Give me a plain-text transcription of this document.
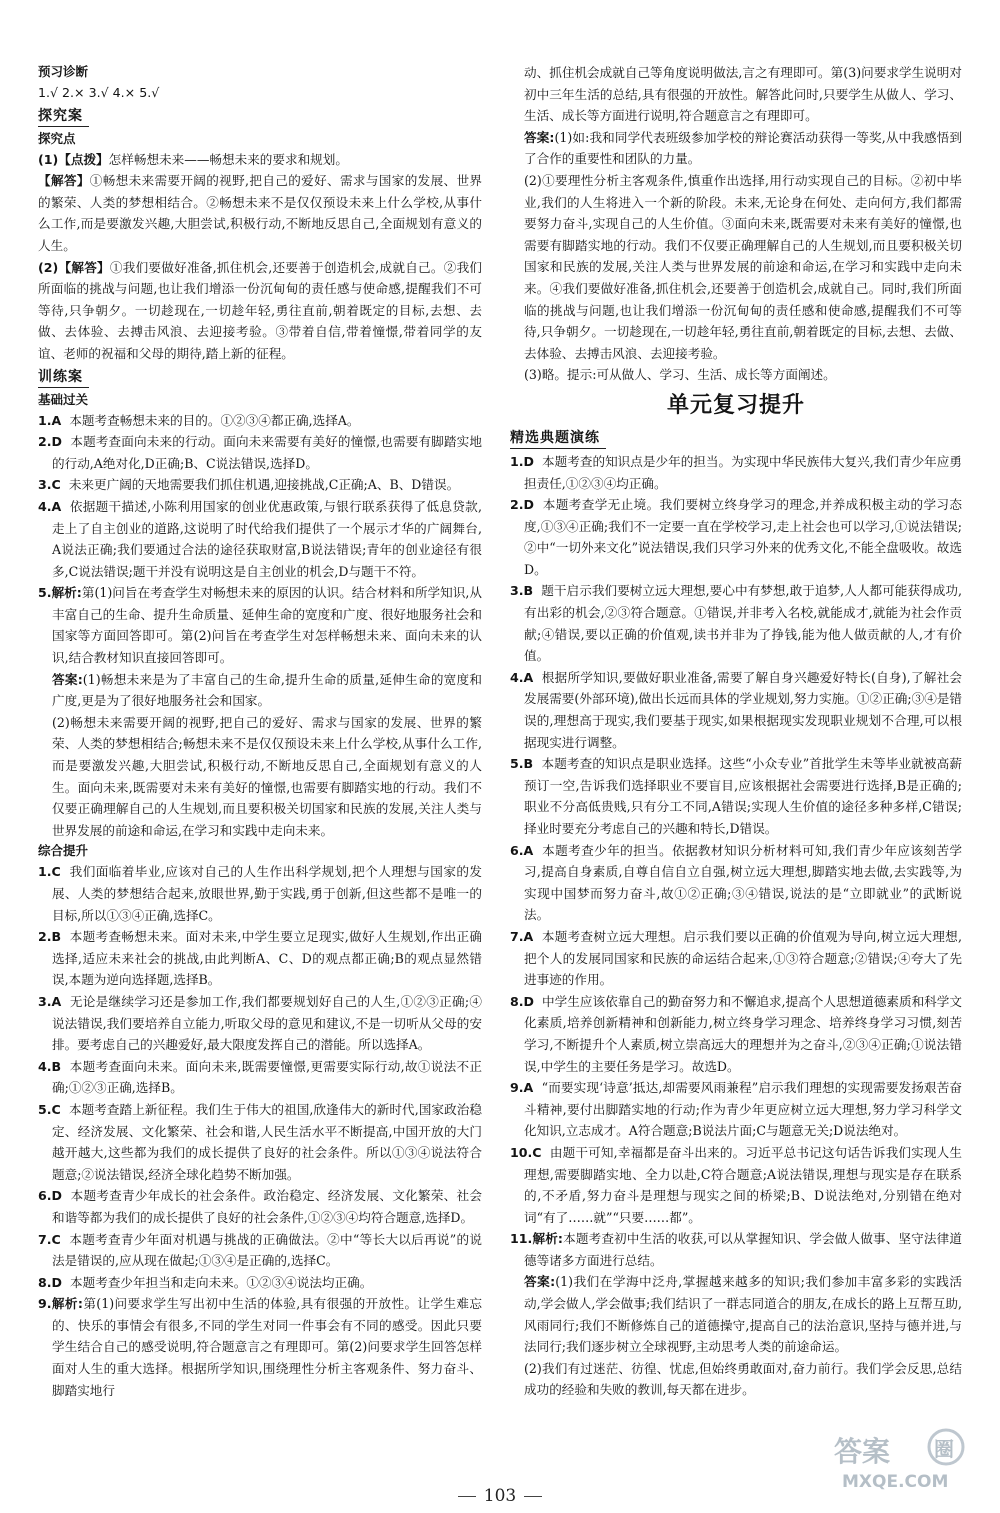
预习诊断
1.√ 2.× 3.√ 4.× 5.√
探究案
探究点

(1)【点拨】怎样畅想未来——畅想未来的要求和规划。

【解答】①畅想未来需要开阔的视野,把自己的爱好、需求与国家的发展、世界的繁荣、人类的梦想相结合。②畅想未来不是仅仅预设未来上什么学校,从事什么工作,而是要激发兴趣,大胆尝试,积极行动,不断地反思自己,全面规划有意义的人生。

(2)【解答】①我们要做好准备,抓住机会,还要善于创造机会,成就自己。②我们所面临的挑战与问题,也让我们增添一份沉甸甸的责任感与使命感,提醒我们不可等待,只争朝夕。一切趁现在,一切趁年轻,勇往直前,朝着既定的目标,去想、去做、去体验、去搏击风浪、去迎接考验。③带着自信,带着憧憬,带着同学的友谊、老师的祝福和父母的期待,踏上新的征程。

训练案
基础过关

1.A 本题考查畅想未来的目的。①②③④都正确,选择A。

2.D 本题考查面向未来的行动。面向未来需要有美好的憧憬,也需要有脚踏实地的行动,A绝对化,D正确;B、C说法错误,选择D。

3.C 未来更广阔的天地需要我们抓住机遇,迎接挑战,C正确;A、B、D错误。

4.A 依据题干描述,小陈利用国家的创业优惠政策,与银行联系获得了低息贷款,走上了自主创业的道路,这说明了时代给我们提供了一个展示才华的广阔舞台,A说法正确;我们要通过合法的途径获取财富,B说法错误;青年的创业途径有很多,C说法错误;题干并没有说明这是自主创业的机会,D与题干不符。

5.解析:第(1)问旨在考查学生对畅想未来的原因的认识。结合材料和所学知识,从丰富自己的生命、提升生命质量、延伸生命的宽度和广度、很好地服务社会和国家等方面回答即可。第(2)问旨在考查学生对怎样畅想未来、面向未来的认识,结合教材知识直接回答即可。

答案:(1)畅想未来是为了丰富自己的生命,提升生命的质量,延伸生命的宽度和广度,更是为了很好地服务社会和国家。

(2)畅想未来需要开阔的视野,把自己的爱好、需求与国家的发展、世界的繁荣、人类的梦想相结合;畅想未来不是仅仅预设未来上什么学校,从事什么工作,而是要激发兴趣,大胆尝试,积极行动,不断地反思自己,全面规划有意义的人生。面向未来,既需要对未来有美好的憧憬,也需要有脚踏实地的行动。我们不仅要正确理解自己的人生规划,而且要积极关切国家和民族的发展,关注人类与世界发展的前途和命运,在学习和实践中走向未来。

综合提升

1.C 我们面临着毕业,应该对自己的人生作出科学规划,把个人理想与国家的发展、人类的梦想结合起来,放眼世界,勤于实践,勇于创新,但这些都不是唯一的目标,所以①③④正确,选择C。

2.B 本题考查畅想未来。面对未来,中学生要立足现实,做好人生规划,作出正确选择,适应未来社会的挑战,由此判断A、C、D的观点都正确;B的观点显然错误,本题为逆向选择题,选择B。

3.A 无论是继续学习还是参加工作,我们都要规划好自己的人生,①②③正确;④说法错误,我们要培养自立能力,听取父母的意见和建议,不是一切听从父母的安排。要考虑自己的兴趣爱好,最大限度发挥自己的潜能。所以选择A。

4.B 本题考查面向未来。面向未来,既需要憧憬,更需要实际行动,故①说法不正确;①②③正确,选择B。

5.C 本题考查踏上新征程。我们生于伟大的祖国,欣逢伟大的新时代,国家政治稳定、经济发展、文化繁荣、社会和谐,人民生活水平不断提高,中国开放的大门越开越大,这些都为我们的成长提供了良好的社会条件。所以①③④说法符合题意;②说法错误,经济全球化趋势不断加强。

6.D 本题考查青少年成长的社会条件。政治稳定、经济发展、文化繁荣、社会和谐等都为我们的成长提供了良好的社会条件,①②③④均符合题意,选择D。

7.C 本题考查青少年面对机遇与挑战的正确做法。②中“等长大以后再说”的说法是错误的,应从现在做起;①③④是正确的,选择C。

8.D 本题考查少年担当和走向未来。①②③④说法均正确。

9.解析:第(1)问要求学生写出初中生活的体验,具有很强的开放性。让学生难忘的、快乐的事情会有很多,不同的学生对同一件事会有不同的感受。因此只要学生结合自己的感受说明,符合题意言之有理即可。第(2)问要求学生回答怎样面对人生的重大选择。根据所学知识,围绕理性分析主客观条件、努力奋斗、脚踏实地行

动、抓住机会成就自己等角度说明做法,言之有理即可。第(3)问要求学生说明对初中三年生活的总结,具有很强的开放性。解答此问时,只要学生从做人、学习、生活、成长等方面进行说明,符合题意言之有理即可。

答案:(1)如:我和同学代表班级参加学校的辩论赛活动获得一等奖,从中我感悟到了合作的重要性和团队的力量。

(2)①要理性分析主客观条件,慎重作出选择,用行动实现自己的目标。②初中毕业,我们的人生将进入一个新的阶段。未来,无论身在何处、走向何方,我们都需要努力奋斗,实现自己的人生价值。③面向未来,既需要对未来有美好的憧憬,也需要有脚踏实地的行动。我们不仅要正确理解自己的人生规划,而且要积极关切国家和民族的发展,关注人类与世界发展的前途和命运,在学习和实践中走向未来。④我们要做好准备,抓住机会,还要善于创造机会,成就自己。同时,我们所面临的挑战与问题,也让我们增添一份沉甸甸的责任感和使命感,提醒我们不可等待,只争朝夕。一切趁现在,一切趁年轻,勇往直前,朝着既定的目标,去想、去做、去体验、去搏击风浪、去迎接考验。

(3)略。提示:可从做人、学习、生活、成长等方面阐述。

单元复习提升
精选典题演练

1.D 本题考查的知识点是少年的担当。为实现中华民族伟大复兴,我们青少年应勇担责任,①②③④均正确。

2.D 本题考查学无止境。我们要树立终身学习的理念,并养成积极主动的学习态度,①③④正确;我们不一定要一直在学校学习,走上社会也可以学习,①说法错误;②中“一切外来文化”说法错误,我们只学习外来的优秀文化,不能全盘吸收。故选D。

3.B 题干启示我们要树立远大理想,要心中有梦想,敢于追梦,人人都可能获得成功,有出彩的机会,②③符合题意。①错误,并非考入名校,就能成才,就能为社会作贡献;④错误,要以正确的价值观,读书并非为了挣钱,能为他人做贡献的人,才有价值。

4.A 根据所学知识,要做好职业准备,需要了解自身兴趣爱好特长(自身),了解社会发展需要(外部环境),做出长远而具体的学业规划,努力实施。①②正确;③④是错误的,理想高于现实,我们要基于现实,如果根据现实发现职业规划不合理,可以根据现实进行调整。

5.B 本题考查的知识点是职业选择。这些“小众专业”首批学生未等毕业就被高薪预订一空,告诉我们选择职业不要盲目,应该根据社会需要进行选择,B是正确的;职业不分高低贵贱,只有分工不同,A错误;实现人生价值的途径多种多样,C错误;择业时要充分考虑自己的兴趣和特长,D错误。

6.A 本题考查少年的担当。依据教材知识分析材料可知,我们青少年应该刻苦学习,提高自身素质,自尊自信自立自强,树立远大理想,脚踏实地去做,去实践等,为实现中国梦而努力奋斗,故①②正确;③④错误,说法的是“立即就业”的武断说法。

7.A 本题考查树立远大理想。启示我们要以正确的价值观为导向,树立远大理想,把个人的发展同国家和民族的命运结合起来,①③符合题意;②错误;④夸大了先进事迹的作用。

8.D 中学生应该依靠自己的勤奋努力和不懈追求,提高个人思想道德素质和科学文化素质,培养创新精神和创新能力,树立终身学习理念、培养终身学习习惯,刻苦学习,不断提升个人素质,树立崇高远大的理想并为之奋斗,②③④正确;①说法错误,中学生的主要任务是学习。故选D。

9.A “而要实现‘诗意’抵达,却需要风雨兼程”启示我们理想的实现需要发扬艰苦奋斗精神,要付出脚踏实地的行动;作为青少年更应树立远大理想,努力学习科学文化知识,立志成才。A符合题意;B说法片面;C与题意无关;D说法绝对。

10.C 由题干可知,幸福都是奋斗出来的。习近平总书记这句话告诉我们实现人生理想,需要脚踏实地、全力以赴,C符合题意;A说法错误,理想与现实是存在联系的,不矛盾,努力奋斗是理想与现实之间的桥梁;B、D说法绝对,分别错在绝对词“有了……就”“只要……都”。

11.解析:本题考查初中生活的收获,可以从掌握知识、学会做人做事、坚守法律道德等诸多方面进行总结。

答案:(1)我们在学海中泛舟,掌握越来越多的知识;我们参加丰富多彩的实践活动,学会做人,学会做事;我们结识了一群志同道合的朋友,在成长的路上互帮互助,风雨同行;我们不断修炼自己的道德操守,提高自己的法治意识,坚持与德并进,与法同行;我们逐步树立全球视野,主动思考人类的前途命运。

(2)我们有过迷茫、彷徨、忧虑,但始终勇敢面对,奋力前行。我们学会反思,总结成功的经验和失败的教训,每天都在进步。

103
答案 圈
MXQE.COM
